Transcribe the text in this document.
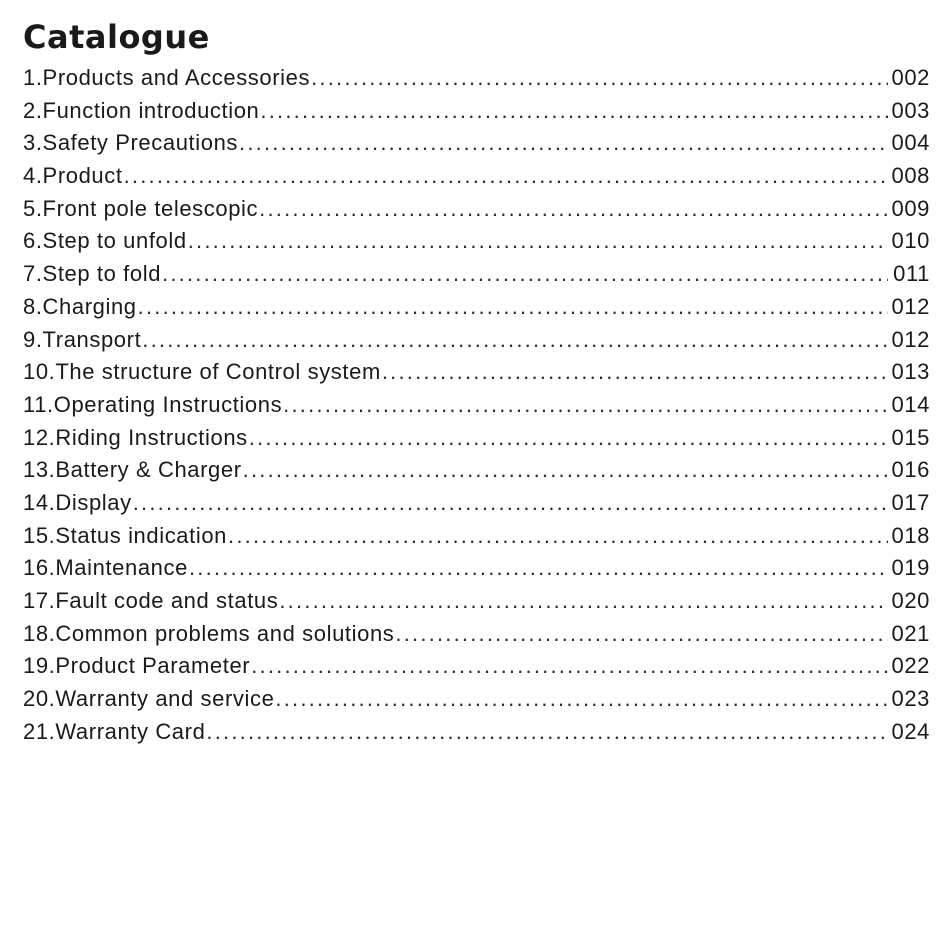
Catalogue
1.Products and Accessories .....	002
2.Function introduction .....	003
3.Safety Precautions .....	004
4.Product .....	008
5.Front pole telescopic .....	009
6.Step to unfold .....	010
7.Step to fold .....	011
8.Charging .....	012
9.Transport .....	012
10.The structure of Control system .....	013
11.Operating Instructions .....	014
12.Riding Instructions .....	015
13.Battery & Charger .....	016
14.Display .....	017
15.Status indication .....	018
16.Maintenance .....	019
17.Fault code and status .....	020
18.Common problems and solutions .....	021
19.Product Parameter .....	022
20.Warranty and service .....	023
21.Warranty Card .....	024
